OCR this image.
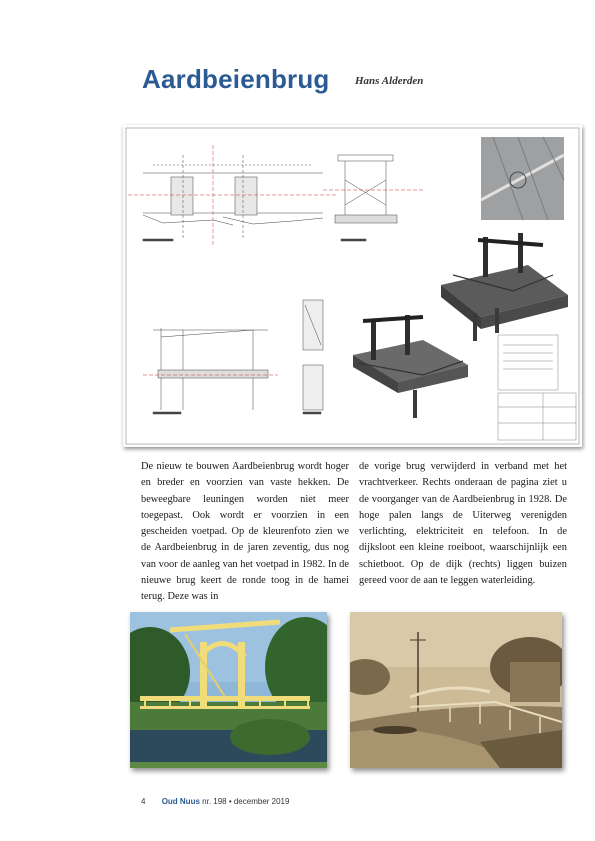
Aardbeienbrug Hans Alderden
De nieuw te bouwen Aardbeienbrug wordt hoger en breder en voorzien van vaste hekken. De beweegbare leuningen worden niet meer toegepast. Ook wordt er voorzien in een gescheiden voetpad. Op de kleurenfoto zien we de Aardbeienbrug in de jaren zeventig, dus nog van voor de aanleg van het voetpad in 1982. In de nieuwe brug keert de ronde toog in de hamei terug. Deze was in
de vorige brug verwijderd in verband met het vrachtverkeer. Rechts onderaan de pagina ziet u de voorganger van de Aardbeienbrug in 1928. De hoge palen langs de Uiterweg verenigden verlichting, elektriciteit en telefoon. In de dijksloot een kleine roeiboot, waarschijnlijk een schietboot. Op de dijk (rechts) liggen buizen gereed voor de aan te leggen waterleiding.
4 Oud Nuus nr. 198 • december 2019
